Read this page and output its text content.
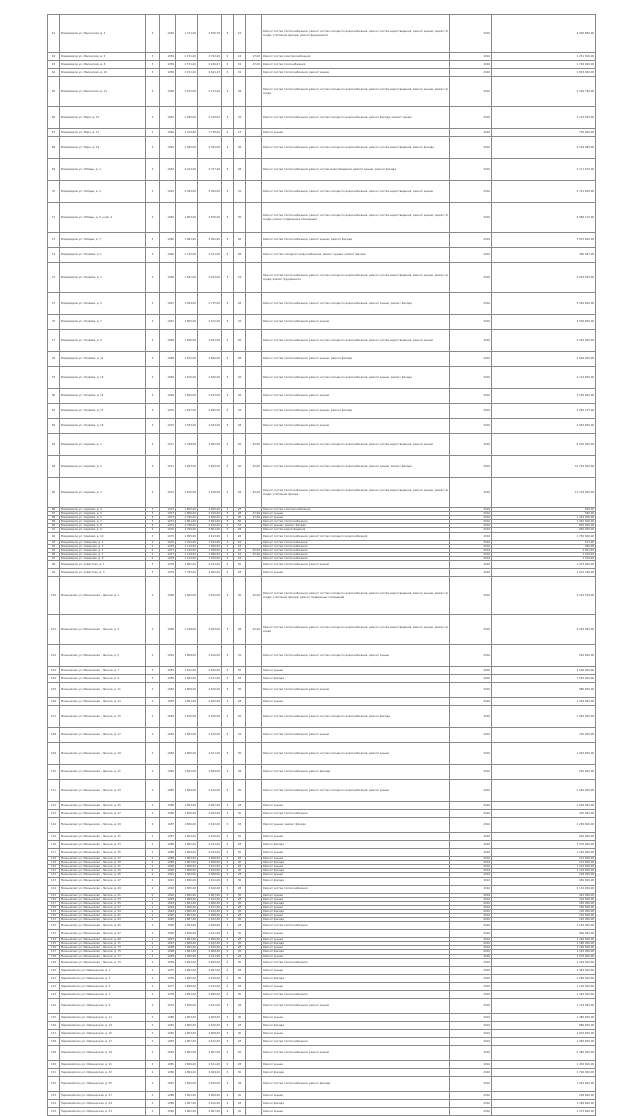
61	Владимиров ул. Малинская, д. 3	3	1956	1 271,00	2 556,76	5	24		Ремонт систем теплоснабжения; ремонт систем холодного водоснабжения; ремонт систем водоотведения; ремонт крыши; ремонт фасада; утепление фасада; ремонт фундамента	2016	4 300 882,00
62	Владимиров ул. Малинская, д. 5	3	1959	2 071,00	2 792,00	5	24	47,00	Ремонт систем электроснабжения	2016	1 251 300,00
63	Владимиров ул. Малинская, д. 8	3	1959	1 571,00	2 426,67	5	34	47,00	Ремонт систем газоснабжения	2016	1 704 000,00
64	Владимиров ул. Малинская, д. 10	3	1959	1 671,00	2 641,43	5	32		Ремонт систем теплоснабжения; ремонт крыши	2016	1 803 960,00
65	Владимиров ул. Малинская, д. 11	3	1960	1 972,00	2 712,40	5	28		Ремонт систем теплоснабжения; ремонт систем холодного водоснабжения; ремонт систем водоотведения; ремонт крыши; ремонт фасада	2016	5 200 780,00
66	Владимиров ул. Мира, д. 15	3	1961	1 285,00	2 316,02	4	32		Ремонт систем теплоснабжения; ремонт систем холодного водоснабжения; ремонт фасада; ремонт крыши	2016	3 110 650,00
67	Владимиров ул. Мира, д. 17	2	1962	1 079,80	1 738,00	4	23		Ремонт крыши	2016	750 000,00
68	Владимиров ул. Мира, д. 19	3	1962	1 485,00	2 352,00	4	36		Ремонт систем теплоснабжения; ремонт систем холодного водоснабжения; ремонт систем водоотведения; ремонт фасада	2016	4 126 980,00
69	Владимиров ул. Победы, д. 1	3	1963	2 014,00	2 727,40	5	28		Ремонт систем теплоснабжения; ремонт систем водоотведения; ремонт крыши; ремонт фасада	2016	3 711 670,00
70	Владимиров ул. Победы, д. 3	3	1963	2 043,00	2 930,00	5	32		Ремонт систем теплоснабжения; ремонт систем холодного водоснабжения; ремонт систем водоотведения; ремонт крыши	2016	4 721 050,00
71	Владимиров ул. Победы, д. 5, корп. 2	3	1965	1 804,00	2 876,00	5	30		Ремонт систем теплоснабжения; ремонт систем холодного водоснабжения; ремонт систем водоотведения; ремонт крыши; ремонт фасада; ремонт подвальных помещений	2016	5 980 115,00
72	Владимиров ул. Победы, д. 7	3	1965	1 981,00	2 822,00	5	30		Ремонт систем теплоснабжения; ремонт крыши; ремонт фасада	2016	3 507 000,00
73	Владимиров ул. Полевая, д. 1	3	1966	1 745,00	2 511,00	5	28		Ремонт систем холодного водоснабжения; ремонт крыши; ремонт фасада	2016	380 007,00
74	Владимиров ул. Полевая, д. 3	3	1966	1 847,00	2 913,00	5	24		Ремонт систем теплоснабжения; ремонт систем холодного водоснабжения; ремонт систем водоотведения; ремонт крыши; ремонт фасада; ремонт фундамента	2016	5 025 645,00
75	Владимиров ул. Полевая, д. 5	3	1967	1 844,00	2 735,00	5	28		Ремонт систем теплоснабжения; ремонт систем холодного водоснабжения; ремонт крыши; ремонт фасада	2016	4 550 000,00
76	Владимиров ул. Полевая, д. 7	3	1967	1 805,00	2 512,00	5	32		Ремонт систем теплоснабжения; ремонт крыши	2016	3 500 000,00
77	Владимиров ул. Полевая, д. 9	3	1968	1 846,00	2 621,00	5	30		Ремонт систем теплоснабжения; ремонт систем холодного водоснабжения; ремонт систем водоотведения; ремонт крыши	2016	4 320 000,00
78	Владимиров ул. Полевая, д. 11	3	1968	1 812,00	2 606,00	5	28		Ремонт систем теплоснабжения; ремонт крыши; ремонт фасада	2016	2 900 000,00
79	Владимиров ул. Полевая, д. 13	3	1969	1 815,00	2 640,00	5	26		Ремонт систем теплоснабжения; ремонт систем холодного водоснабжения; ремонт крыши; ремонт фасада	2016	4 110 000,00
80	Владимиров ул. Полевая, д. 15	3	1969	1 805,00	2 613,00	5	26		Ремонт систем теплоснабжения; ремонт крыши	2016	3 100 000,00
81	Владимиров ул. Полевая, д. 17	3	1970	1 827,00	2 660,00	5	32		Ремонт систем теплоснабжения; ремонт крыши; ремонт фасада	2016	2 060 275,00
82	Владимиров ул. Полевая, д. 19	3	1970	1 833,00	2 643,00	5	28		Ремонт систем теплоснабжения; ремонт крыши	2016	2 050 000,00
83	Владимиров ул. Садовая, д. 1	3	1971	1 798,00	2 665,00	5	30	42,00	Ремонт систем теплоснабжения; ремонт систем холодного водоснабжения; ремонт систем водоотведения; ремонт крыши	2016	6 205 000,00
84	Владимиров ул. Садовая, д. 2	3	1971	1 803,00	2 609,00	5	30	42,00	Ремонт систем теплоснабжения; ремонт систем холодного водоснабжения; ремонт крыши; ремонт фасада	2016	10 156 000,00
85	Владимиров ул. Садовая, д. 3	3	1972	1 810,00	2 638,00	5	28	42,00	Ремонт систем теплоснабжения; ремонт систем холодного водоснабжения; ремонт систем водоотведения; ремонт крыши; ремонт фасада; утепление фасада	2016	11 376 000,00
86	Владимиров ул. Садовая, д. 4	3	1972	1 802,00	2 605,00	5	28		Ремонт систем электроснабжения	2016	560,00
87	Владимиров ул. Садовая, д. 5	3	1973	1 806,00	2 616,00	5	28	47,00	Ремонт крыши	2016	580,00
88	Владимиров ул. Садовая, д. 6	3	1973	1 795,00	2 606,00	5	30	47,00	Ремонт крыши	2016	1 401 000,00
89	Владимиров ул. Садовая, д. 7	3	1974	1 801,00	2 603,00	5	30		Ремонт систем теплоснабжения	2016	1 920 000,00
90	Владимиров ул. Садовая, д. 8	3	1974	1 798,00	2 610,00	5	32		Ремонт крыши; ремонт фасада	2016	830 000,00
91	Владимиров ул. Садовая, д. 9	3	1975	1 799,00	2 601,00	5	28		Ремонт систем водоотведения	2016	850 000,00
92	Владимиров ул. Садовая, д. 10	3	1975	1 805,00	2 613,00	5	26		Ремонт систем теплоснабжения; ремонт систем холодного водоснабжения	2016	1 750 000,00
93	Владимиров ул. Северная, д. 1	2	1976	1 102,00	1 612,00	4	16		Ремонт систем теплоснабжения	2016	511,00
94	Владимиров ул. Северная, д. 3	2	1976	1 114,00	1 650,00	4	18		Ремонт систем теплоснабжения	2016	480,00
95	Владимиров ул. Северная, д. 5	2	1977	1 120,00	1 658,00	4	16	42,00	Ремонт систем теплоснабжения	2016	1 051,00
96	Владимиров ул. Северная, д. 7	2	1977	1 118,00	1 666,00	4	16	42,00	Ремонт систем теплоснабжения	2016	1 220,00
97	Владимиров ул. Северная, д. 9	2	1978	1 123,00	1 675,00	4	18		Ремонт систем теплоснабжения	2016	1 790,00
98	Владимиров ул. Советская, д. 1	3	1978	1 805,00	2 611,00	5	30		Ремонт систем теплоснабжения; ремонт крыши	2016	1 475 000,00
99	Владимиров ул. Советская, д. 3	3	1979	1 795,00	2 600,00	5	28		Ремонт крыши	2016	1 670 760,00
100	Мельниково ул. Мельниково - Лесное, д. 1	2	1980	1 802,00	2 612,00	5	30	42,00	Ремонт систем теплоснабжения; ремонт систем холодного водоснабжения; ремонт систем водоотведения; ремонт крыши; ремонт фасада; утепление фасада; ремонт подвальных помещений	2016	9 310 550,00
101	Мельниково ул. Мельниково - Лесное, д. 3	2	1980	1 798,00	2 604,00	5	28	42,00	Ремонт систем теплоснабжения; ремонт систем холодного водоснабжения; ремонт систем водоотведения; ремонт крыши; ремонт фасада	2016	6 220 000,00
102	Мельниково ул. Мельниково - Лесное, д. 5	2	1981	1 808,00	2 616,00	5	32		Ремонт систем теплоснабжения; ремонт систем холодного водоснабжения; ремонт крыши	2016	542 000,00
103	Мельниково ул. Мельниково - Лесное, д. 7	2	1981	1 812,00	2 620,00	5	30		Ремонт крыши	2016	1 500 000,00
104	Мельниково ул. Мельниково - Лесное, д. 9	2	1982	1 805,00	2 611,00	5	28		Ремонт фасада	2016	1 550 000,00
105	Мельниково ул. Мельниково - Лесное, д. 11	2	1982	1 808,00	2 616,00	5	30		Ремонт систем теплоснабжения; ремонт крыши	2016	980 000,00
106	Мельниково ул. Мельниково - Лесное, д. 13	2	1983	1 801,00	2 602,00	5	28		Ремонт крыши	2016	1 430 000,00
107	Мельниково ул. Мельниково - Лесное, д. 15	2	1983	1 810,00	2 620,00	5	30		Ремонт систем теплоснабжения; ремонт систем холодного водоснабжения; ремонт фасада	2016	1 940 000,00
108	Мельниково ул. Мельниково - Лесное, д. 17	2	1984	1 805,00	2 615,00	5	32		Ремонт систем теплоснабжения; ремонт крыши	2016	740 000,00
109	Мельниково ул. Мельниково - Лесное, д. 19	2	1984	1 806,00	2 611,00	5	30		Ремонт систем теплоснабжения; ремонт систем холодного водоснабжения; ремонт крыши	2016	1 920 000,00
110	Мельниково ул. Мельниково - Лесное, д. 21	2	1985	1 801,00	2 609,00	5	28		Ремонт систем теплоснабжения; ремонт фасада	2016	240 000,00
111	Мельниково ул. Мельниково - Лесное, д. 23	2	1985	1 809,00	2 612,00	5	30		Ремонт систем теплоснабжения; ремонт систем холодного водоснабжения; ремонт крыши	2016	1 240 000,00
112	Мельниково ул. Мельниково - Лесное, д. 25	2	1986	1 803,00	2 607,00	5	28		Ремонт крыши	2016	1 000 000,00
113	Мельниково ул. Мельниково - Лесное, д. 27	2	1986	1 800,00	2 604,00	5	30		Ремонт систем теплоснабжения	2016	325 000,00
114	Мельниково ул. Мельниково - Лесное, д. 29	2	1987	1 806,00	2 612,00	5	28		Ремонт крыши; ремонт фасада	2016	1 250 000,00
115	Мельниково ул. Мельниково - Лесное, д. 31	2	1987	1 804,00	2 610,00	5	30		Ремонт крыши	2016	520 000,00
116	Мельниково ул. Мельниково - Лесное, д. 33	2	1988	1 805,00	2 611,00	5	28		Ремонт фасада	2016	1 370 000,00
117	Мельниково ул. Мельниково - Лесное, д. 35	2	1988	1 809,00	2 613,00	5	30		Ремонт крыши	2016	1 150 000,00
118	Мельниково ул. Мельниково - Лесное, д. 37	2	1989	1 803,00	2 608,00	5	28		Ремонт крыши	2016	115 000,00
119	Мельниково ул. Мельниково - Лесное, д. 39	2	1989	1 801,00	2 606,00	5	30		Ремонт фасада	2016	112 000,00
120	Мельниково ул. Мельниково - Лесное, д. 41	2	1990	1 808,00	2 611,00	5	28		Ремонт крыши	2016	1 415 000,00
121	Мельниково ул. Мельниково - Лесное, д. 43	2	1990	1 806,00	2 610,00	5	30		Ремонт фасада	2016	1 120 000,00
122	Мельниково ул. Мельниково - Лесное, д. 45	2	1991	1 804,00	2 609,00	5	28		Ремонт крыши	2016	218 000,00
123	Мельниково ул. Мельниково - Лесное, д. 47	2	1991	1 806,00	2 611,00	5	30		Ремонт фасада	2016	950 000,00
124	Мельниково ул. Мельниково - Лесное, д. 49	2	1992	1 805,00	2 610,00	5	28		Ремонт систем теплоснабжения	2016	2 132 000,00
125	Мельниково ул. Мельниково - Лесное, д. 51	2	1992	1 802,00	2 607,00	5	30		Ремонт крыши	2016	410 000,00
126	Мельниково ул. Мельниково - Лесное, д. 53	2	1993	1 808,00	2 612,00	5	28		Ремонт крыши	2016	310 000,00
127	Мельниково ул. Мельниково - Лесное, д. 55	2	1993	1 801,00	2 606,00	5	30		Ремонт фасада	2016	185 000,00
128	Мельниково ул. Мельниково - Лесное, д. 57	2	1994	1 806,00	2 611,00	5	28		Ремонт крыши	2016	160 000,00
129	Мельниково ул. Мельниково - Лесное, д. 59	2	1994	1 805,00	2 610,00	5	30		Ремонт фасада	2016	130 000,00
130	Мельниково ул. Мельниково - Лесное, д. 61	2	1995	1 803,00	2 608,00	5	28		Ремонт крыши	2016	170 000,00
131	Мельниково ул. Мельниково - Лесное, д. 63	2	1995	1 807,00	2 612,00	5	30		Ремонт фасада	2016	145 000,00
132	Мельниково ул. Мельниково - Лесное, д. 65	2	1996	1 804,00	2 609,00	5	28		Ремонт систем теплоснабжения	2016	3 150 000,00
133	Мельниково ул. Мельниково - Лесное, д. 67	2	1996	1 806,00	2 611,00	5	30		Ремонт крыши	2016	940 000,00
134	Мельниково ул. Мельниково - Лесное, д. 69	2	1997	1 801,00	2 606,00	5	28		Ремонт крыши	2016	1 160 000,00
135	Мельниково ул. Мельниково - Лесное, д. 71	2	1997	1 808,00	2 613,00	5	30		Ремонт фасада	2016	1 180 000,00
136	Мельниково ул. Мельниково - Лесное, д. 73	2	1998	1 805,00	2 610,00	5	28		Ремонт крыши	2016	1 190 000,00
137	Мельниково ул. Мельниково - Лесное, д. 75	2	1998	1 803,00	2 608,00	5	30		Ремонт фасада	2016	1 145 000,00
138	Мельниково ул. Мельниково - Лесное, д. 77	2	1999	1 806,00	2 611,00	5	28		Ремонт крыши	2016	1 270 000,00
139	Мельниково ул. Мельниково - Лесное, д. 79	2	1999	1 804,00	2 609,00	5	30		Ремонт систем теплоснабжения	2016	1 305 000,00
140	Первомайское ул. Офицерская, д. 1	2	1975	1 802,00	2 607,00	5	28		Ремонт крыши	2016	3 440 000,00
141	Первомайское ул. Офицерская, д. 3	2	1976	1 805,00	2 610,00	5	30		Ремонт фасада	2016	1 280 000,00
142	Первомайское ул. Офицерская, д. 5	2	1977	1 808,00	2 613,00	5	28		Ремонт крыши	2016	1 100 000,00
143	Первомайское ул. Офицерская, д. 7	2	1978	1 801,00	2 606,00	5	30		Ремонт систем теплоснабжения	2016	1 340 000,00
144	Первомайское ул. Офицерская, д. 9	2	1979	1 806,00	2 611,00	5	28		Ремонт систем теплоснабжения; ремонт крыши	2016	1 710 000,00
145	Первомайское ул. Офицерская, д. 11	2	1980	1 804,00	2 609,00	5	30		Ремонт крыши	2016	1 480 000,00
146	Первомайское ул. Офицерская, д. 13	2	1981	1 805,00	2 610,00	5	28		Ремонт фасада	2016	880 000,00
147	Первомайское ул. Офицерская, д. 15	2	1982	1 803,00	2 608,00	5	30		Ремонт крыши	2016	1 620 000,00
148	Первомайское ул. Офицерская, д. 17	2	1983	1 807,00	2 612,00	5	28		Ремонт систем теплоснабжения	2016	1 960 000,00
149	Первомайское ул. Офицерская, д. 19	2	1984	1 802,00	2 607,00	5	30		Ремонт систем теплоснабжения; ремонт крыши	2016	2 480 000,00
150	Первомайское ул. Офицерская, д. 21	2	1985	1 806,00	2 611,00	5	28		Ремонт крыши	2016	1 430 000,00
151	Первомайское ул. Офицерская, д. 23	2	1986	1 804,00	2 609,00	5	30		Ремонт фасада	2016	1 700 000,00
152	Первомайское ул. Офицерская, д. 25	2	1987	1 805,00	2 610,00	5	28		Ремонт систем теплоснабжения; ремонт фасада	2016	1 925 000,00
153	Первомайское ул. Офицерская, д. 27	2	1988	1 803,00	2 608,00	5	30		Ремонт крыши	2016	248 000,00
154	Первомайское ул. Офицерская, д. 29	2	1989	1 807,00	2 612,00	5	28		Ремонт фасада	2016	1 180 000,00
155	Первомайское ул. Офицерская, д. 31	2	1990	1 802,00	2 607,00	5	30		Ремонт крыши	2016	1 475 000,00
